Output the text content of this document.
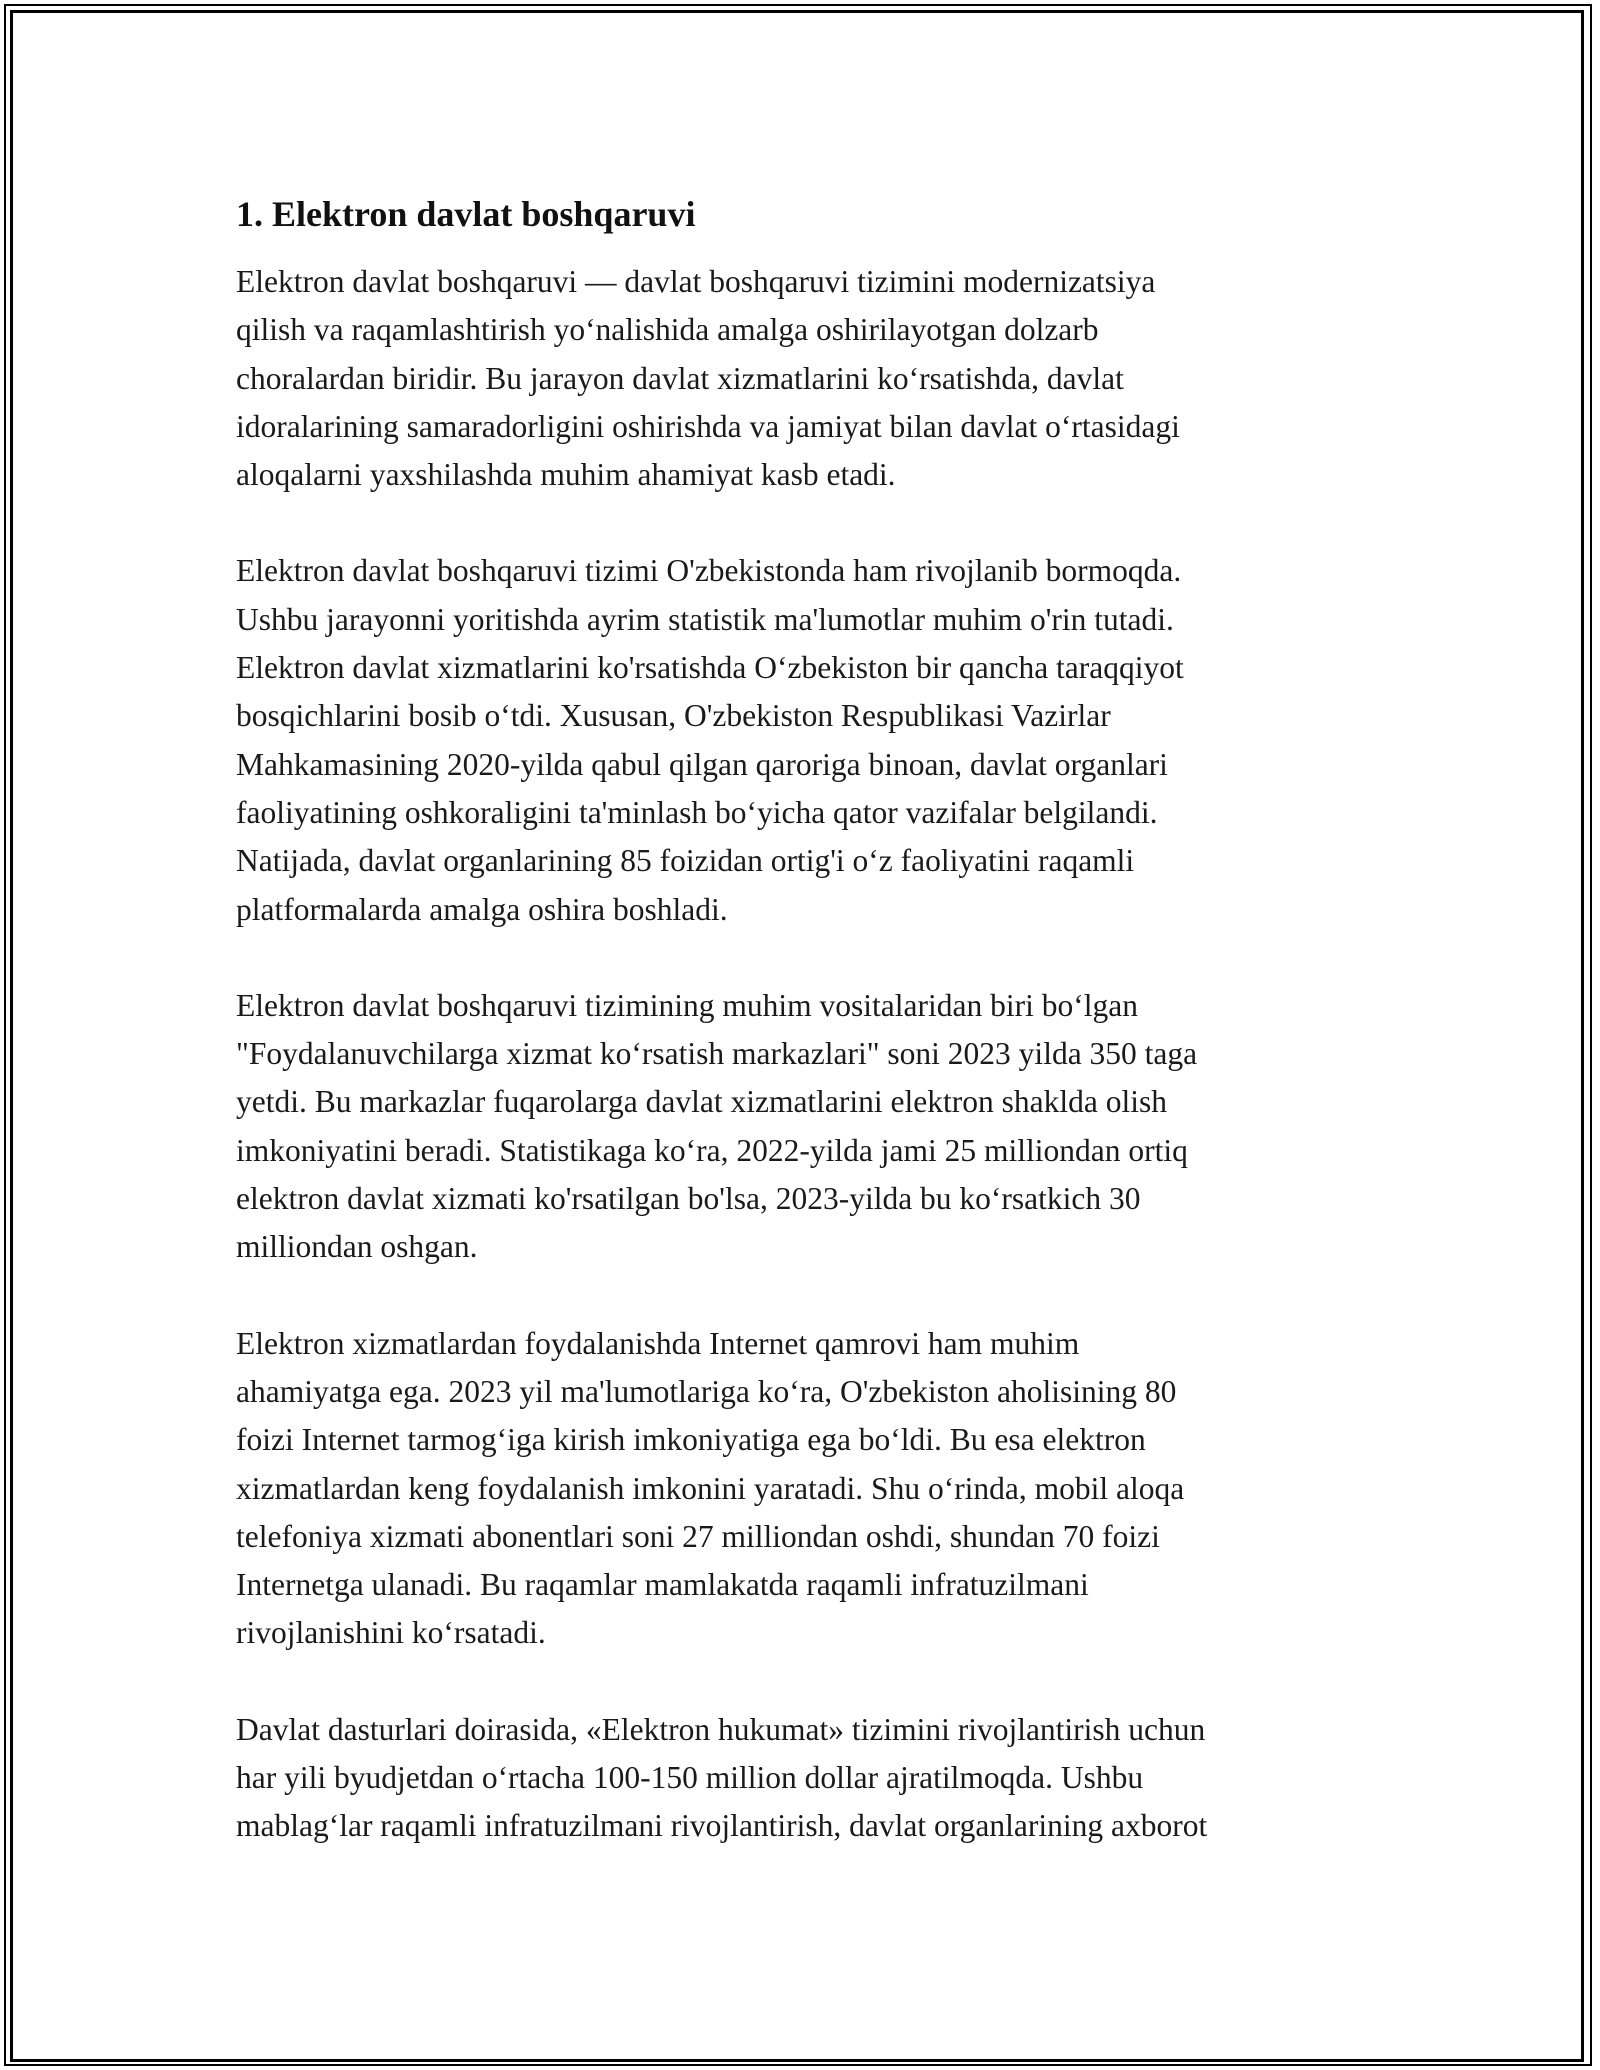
1. Elektron davlat boshqaruvi

Elektron davlat boshqaruvi — davlat boshqaruvi tizimini modernizatsiya
qilish va raqamlashtirish yoʻnalishida amalga oshirilayotgan dolzarb
choralardan biridir. Bu jarayon davlat xizmatlarini koʻrsatishda, davlat
idoralarining samaradorligini oshirishda va jamiyat bilan davlat oʻrtasidagi
aloqalarni yaxshilashda muhim ahamiyat kasb etadi.

Elektron davlat boshqaruvi tizimi O'zbekistonda ham rivojlanib bormoqda.
Ushbu jarayonni yoritishda ayrim statistik ma'lumotlar muhim o'rin tutadi.
Elektron davlat xizmatlarini ko'rsatishda Oʻzbekiston bir qancha taraqqiyot
bosqichlarini bosib oʻtdi. Xususan, O'zbekiston Respublikasi Vazirlar
Mahkamasining 2020-yilda qabul qilgan qaroriga binoan, davlat organlari
faoliyatining oshkoraligini ta'minlash boʻyicha qator vazifalar belgilandi.
Natijada, davlat organlarining 85 foizidan ortig'i oʻz faoliyatini raqamli
platformalarda amalga oshira boshladi.

Elektron davlat boshqaruvi tizimining muhim vositalaridan biri boʻlgan
"Foydalanuvchilarga xizmat koʻrsatish markazlari" soni 2023 yilda 350 taga
yetdi. Bu markazlar fuqarolarga davlat xizmatlarini elektron shaklda olish
imkoniyatini beradi. Statistikaga koʻra, 2022-yilda jami 25 milliondan ortiq
elektron davlat xizmati ko'rsatilgan bo'lsa, 2023-yilda bu koʻrsatkich 30
milliondan oshgan.

Elektron xizmatlardan foydalanishda Internet qamrovi ham muhim
ahamiyatga ega. 2023 yil ma'lumotlariga koʻra, O'zbekiston aholisining 80
foizi Internet tarmogʻiga kirish imkoniyatiga ega boʻldi. Bu esa elektron
xizmatlardan keng foydalanish imkonini yaratadi. Shu oʻrinda, mobil aloqa
telefoniya xizmati abonentlari soni 27 milliondan oshdi, shundan 70 foizi
Internetga ulanadi. Bu raqamlar mamlakatda raqamli infratuzilmani
rivojlanishini koʻrsatadi.

Davlat dasturlari doirasida, «Elektron hukumat» tizimini rivojlantirish uchun
har yili byudjetdan oʻrtacha 100-150 million dollar ajratilmoqda. Ushbu
mablagʻlar raqamli infratuzilmani rivojlantirish, davlat organlarining axborot
